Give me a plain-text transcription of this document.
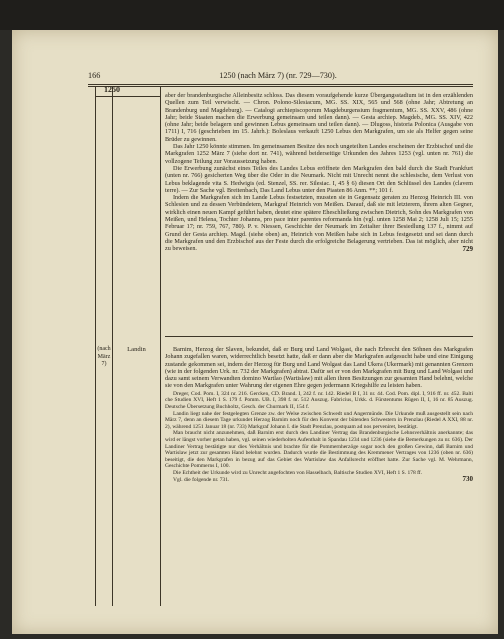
166	1250 (nach März 7) (nr. 729—730).
1250

aber der brandenburgische Alleinbesitz schloss. Das diesem voraufgehende kurze Übergangsstadium ist in den erzählenden Quellen zum Teil verwischt. — Chron. Polono-Silesiacum, MG. SS. XIX, 565 und 568 (ohne Jahr; Abtretung an Brandenburg und Magdeburg). — Catalogi archiepiscoporum Magdeburgensium fragmentum, MG. SS. XXV, 486 (ohne Jahr; beide Staaten machen die Erwerbung gemeinsam und teilen dann). — Gesta archiep. Magdeb., MG. SS. XIV, 422 (ohne Jahr; beide belagern und gewinnen Lebus gemeinsam und teilen dann). — Dlugoss, historia Polonica (Ausgabe von 1711) I, 716 (geschrieben im 15. Jahrh.): Boleslaus verkauft 1250 Lebus den Markgrafen, um sie als Helfer gegen seine Brüder zu gewinnen.

Das Jahr 1250 könnte stimmen. Im gemeinsamen Besitze des noch ungeteilten Landes erscheinen der Erzbischof und die Markgrafen 1252 März 7 (siehe dort nr. 741), während beiderseitige Urkunden des Jahres 1253 (vgl. unten nr. 761) die vollzogene Teilung zur Voraussetzung haben.

Die Erwerbung zunächst eines Teiles des Landes Lebus eröffnete den Markgrafen den bald durch die Stadt Frankfurt (unten nr. 766) gesicherten Weg über die Oder in die Neumark. Nicht mit Unrecht nennt die schlesische, dem Verlust von Lebus beklagende vita S. Hedwigis (ed. Stenzel, SS. rer. Silesiac. I, 45 § 6) diesen Ort den Schlüssel des Landes (clavem terre). — Zur Sache vgl. Breitenbach, Das Land Lebus unter den Piasten 86 Anm. **; 101 f.

Indem die Markgrafen sich im Lande Lebus festsetzten, mussten sie in Gegensatz geraten zu Herzog Heinrich III. von Schlesien und zu dessen Verbündetem, Markgraf Heinrich von Meißen. Darauf, daß sie mit letzterem, ihrem alten Gegner, wirklich einen neuen Kampf geführt haben, deutet eine spätere Eheschließung zwischen Dietrich, Sohn des Markgrafen von Meißen, und Helena, Tochter Johanns, pro pace inter parentes reformanda hin (vgl. unten 1258 Mai 2; 1258 Juli 15; 1255 Februar 17; nr. 759, 767, 780). P. v. Niessen, Geschichte der Neumark im Zeitalter ihrer Besiedlung 137 f., nimmt auf Grund der Gesta archiep. Magd. (siehe oben) an, Heinrich von Meißen habe sich in Lebus festgesetzt und sei dann durch die Markgrafen und den Erzbischof aus der Feste durch die erfolgreiche Belagerung vertrieben. Das ist möglich, aber nicht zu beweisen.	729
(nach März 7)
Landin	Barnim, Herzog der Slaven, bekundet, daß er Burg und Land Wolgast, die nach Erbrecht den Söhnen des Markgrafen Johann zugefallen waren, widerrechtlich besetzt hatte, daß er dann aber die Markgrafen aufgesucht habe und eine Einigung zustande gekommen sei, indem der Herzog für Burg und Land Wolgast das Land Ukera (Ukermark) mit genannten Grenzen (wie in der folgenden Urk. nr. 732 der Markgrafen) abtrat. Dafür sei er von den Markgrafen mit Burg und Land Wolgast und dazu samt seinem Verwandten domino Wartlao (Wartislaw) mit allen ihren Besitzungen zur gesamten Hand belehnt, welche sie von den Markgrafen unter Wahrung der eigenen Ehre gegen jedermann Kriegshilfe zu leisten haben.

Dreger, Cod. Pom. I, 324 nr. 216. Gercken, CD. Brand. I, 242 f. nr. 142. Riedel B I, 31 nr. 44. Cod. Pom. dipl. I, 916 ff. nr. 452. Balti che Studien XVI, Heft 1 S. 179 f. Pomm. UB. I, 398 f. nr. 512 Auszug. Fabricius, Urkk. d. Fürstentums Rügen II, I, 16 nr. 85 Auszug. Deutsche Übersetzung Buchholtz, Gesch. der Churmark II, 154 f.

Landin liegt nahe der festgelegten Grenze zw. der Welse zwischen Schwedt und Angermünde. Die Urkunde muß ausgestellt sein nach März 7, denn an diesem Tage urkundet Herzog Barnim noch für den Konvent der bütenden Schwestern in Prenzlau (Riedel A XXI, 88 nr. 2), während 1251 Januar 18 (nr. 733) Markgraf Johann I. die Stadt Prenzlau, postquam ad nos perveniret, bestätigt.

Man braucht nicht anzunehmen, daß Barnim erst durch den Landiner Vertrag das Brandenburgische Lehnsverhältnis anerkannte; das wird er längst vorher getan haben, vgl. seinen wiederholten Aufenthalt in Spandau 1234 und 1236 (siehe die Bemerkungen zu nr. 636). Der Landiner Vertrag bestätigte nur dies Verhältnis und brachte für die Pommernherzöge sogar noch den großen Gewinn, daß Barnim und Wartislaw jetzt zur gesamten Hand belehnt wurden. Dadurch wurde die Bestimmung des Kremmener Vertrages von 1236 (oben nr. 636) beseitigt, die den Markgrafen in bezug auf das Gebiet des Wartislaw das Anfallsrecht eröffnet hatte. Zur Sache vgl. M. Wehrmann, Geschichte Pommerns I, 100.

Die Echtheit der Urkunde wird zu Unrecht angefochten von Hasselbach, Baltische Studien XVI, Heft 1 S. 178 ff.

Vgl. die folgende nr. 731.	730
